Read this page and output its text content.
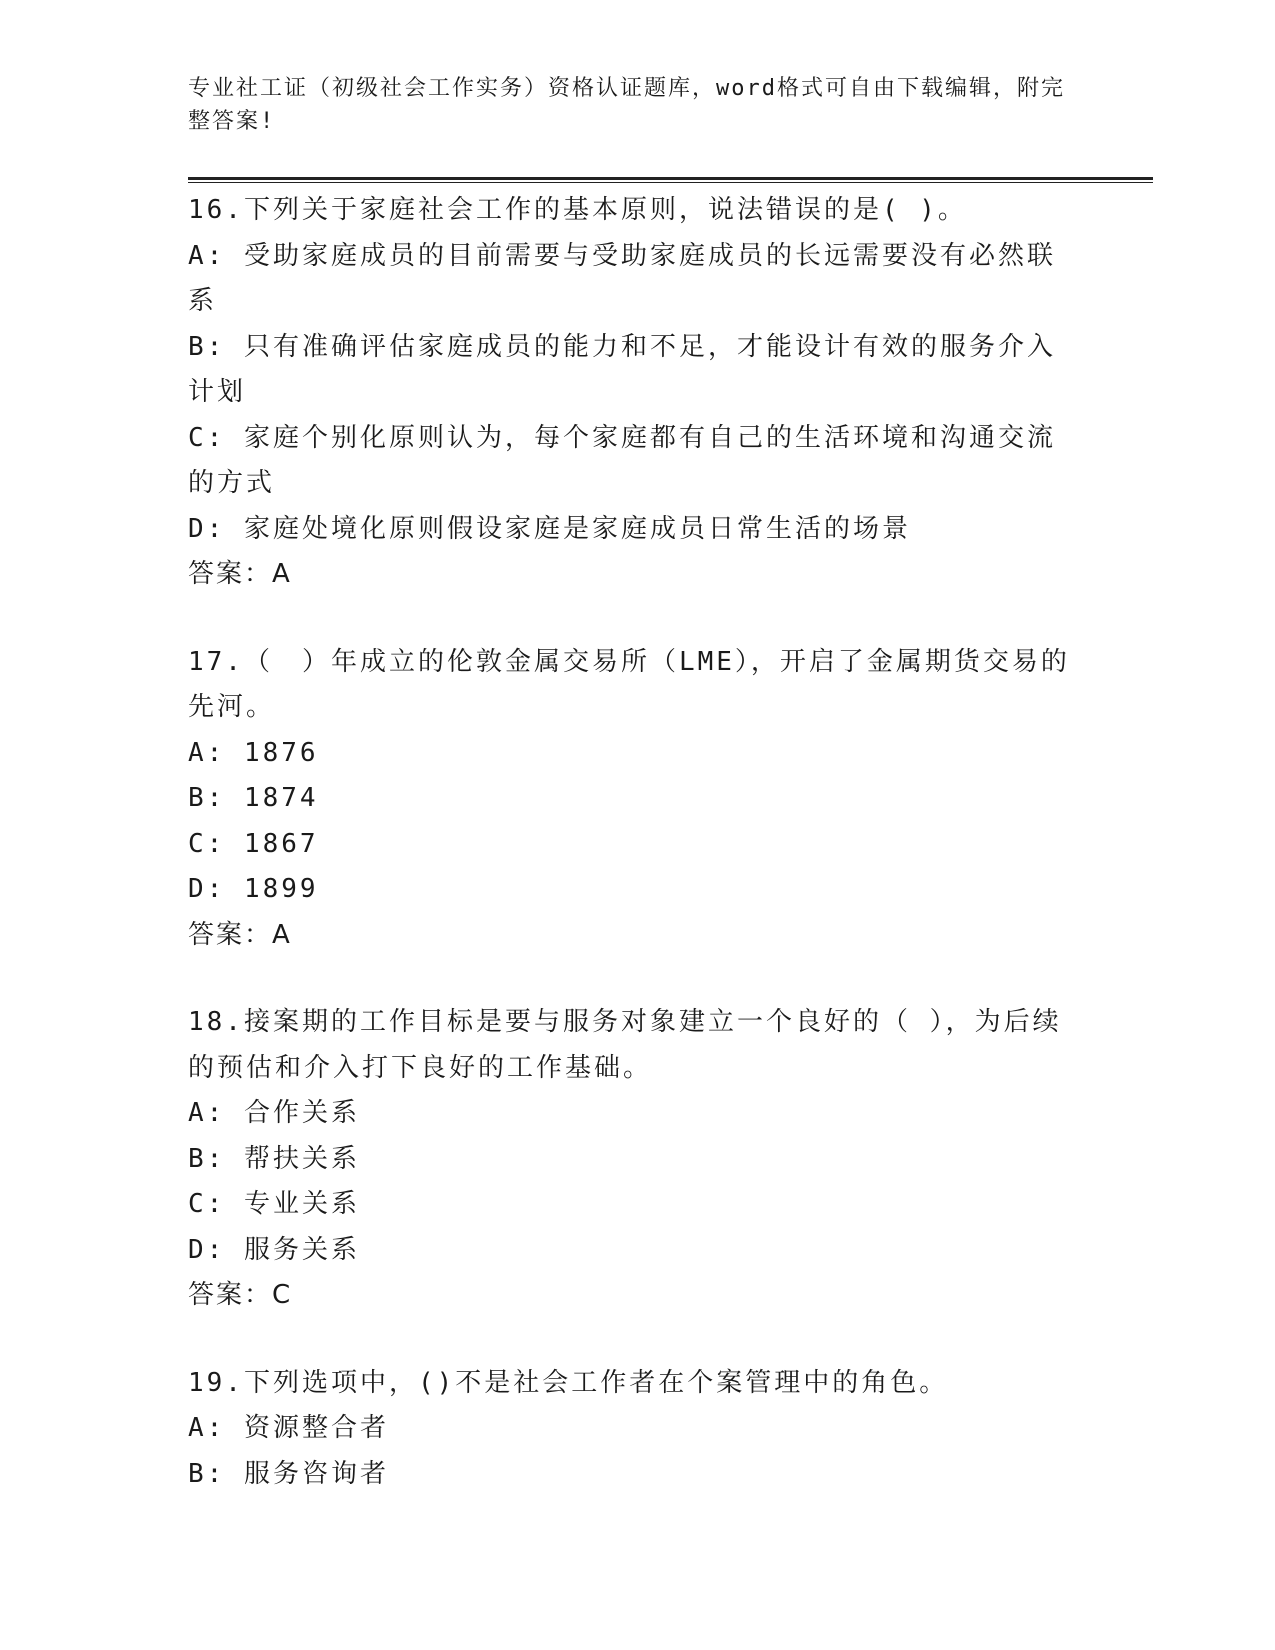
专业社工证（初级社会工作实务）资格认证题库，word格式可自由下载编辑，附完整答案!
16.下列关于家庭社会工作的基本原则，说法错误的是( )。
A: 受助家庭成员的目前需要与受助家庭成员的长远需要没有必然联系
B: 只有准确评估家庭成员的能力和不足，才能设计有效的服务介入计划
C: 家庭个别化原则认为，每个家庭都有自己的生活环境和沟通交流的方式
D: 家庭处境化原则假设家庭是家庭成员日常生活的场景
答案：A
17.（　）年成立的伦敦金属交易所（LME），开启了金属期货交易的先河。
A: 1876
B: 1874
C: 1867
D: 1899
答案：A
18.接案期的工作目标是要与服务对象建立一个良好的（ ），为后续的预估和介入打下良好的工作基础。
A: 合作关系
B: 帮扶关系
C: 专业关系
D: 服务关系
答案：C
19.下列选项中，()不是社会工作者在个案管理中的角色。
A: 资源整合者
B: 服务咨询者
